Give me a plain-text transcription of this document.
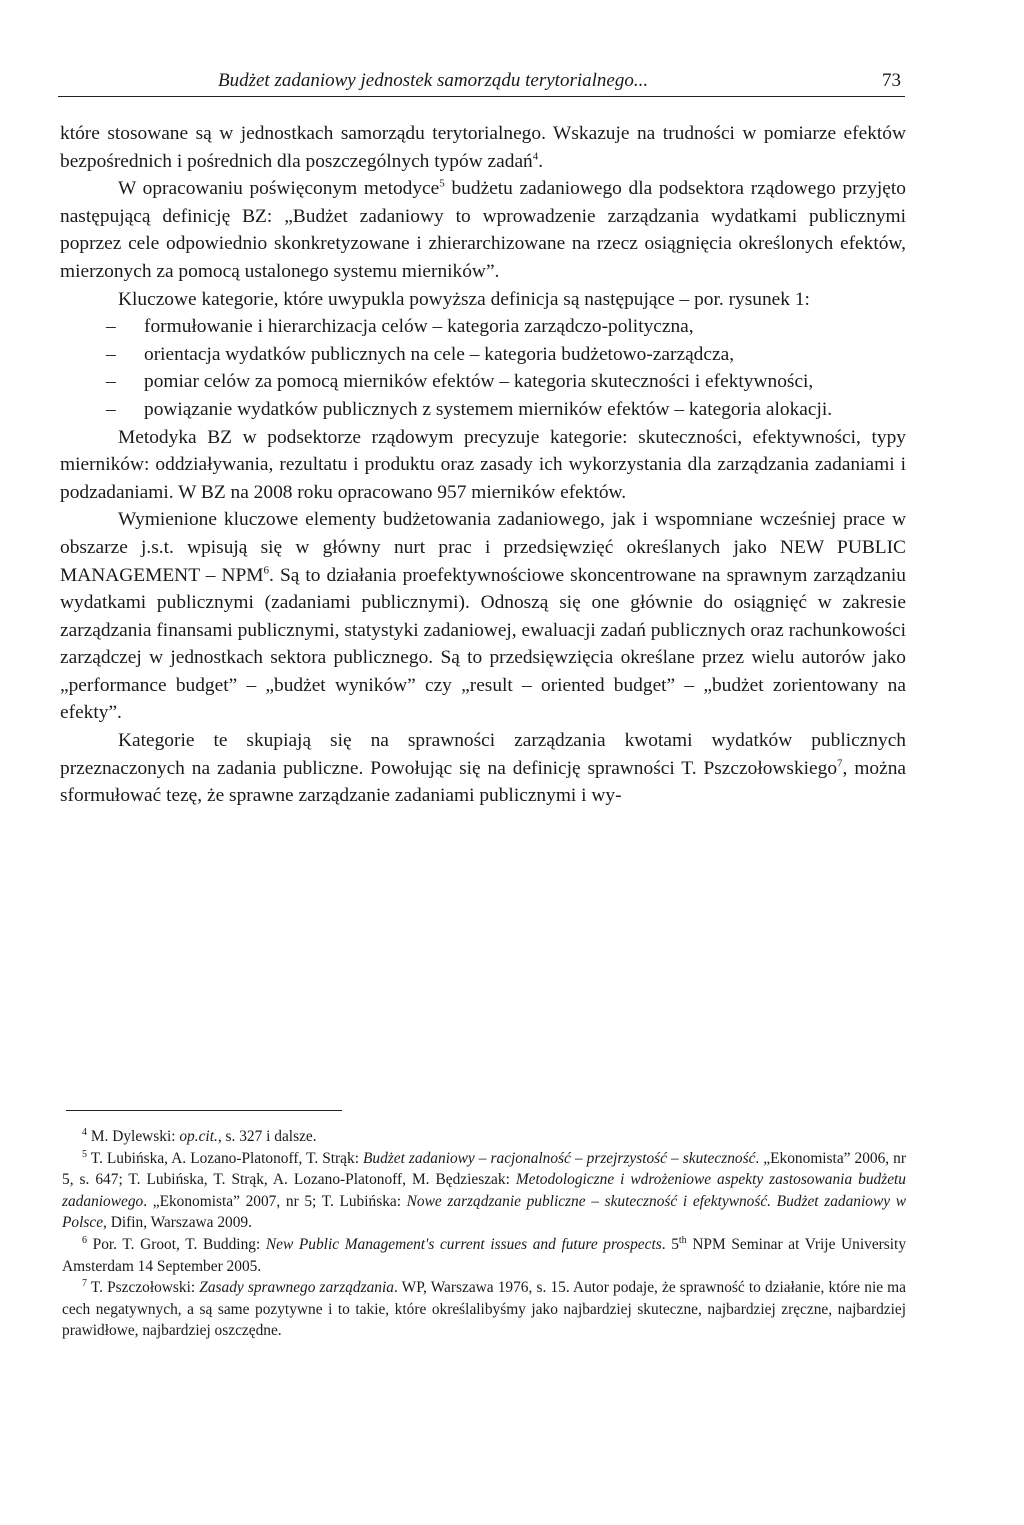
Budżet zadaniowy jednostek samorządu terytorialnego...	73

które stosowane są w jednostkach samorządu terytorialnego. Wskazuje na trudności w pomiarze efektów bezpośrednich i pośrednich dla poszczególnych typów zadań$^4$.

W opracowaniu poświęconym metodyce$^5$ budżetu zadaniowego dla podsektora rządowego przyjęto następującą definicję BZ: „Budżet zadaniowy to wprowadzenie zarządzania wydatkami publicznymi poprzez cele odpowiednio skonkretyzowane i zhierarchizowane na rzecz osiągnięcia określonych efektów, mierzonych za pomocą ustalonego systemu mierników”.

Kluczowe kategorie, które uwypukla powyższa definicja są następujące – por. rysunek 1:

– formułowanie i hierarchizacja celów – kategoria zarządczo-polityczna,

– orientacja wydatków publicznych na cele – kategoria budżetowo-zarządcza,

– pomiar celów za pomocą mierników efektów – kategoria skuteczności i efektywności,

– powiązanie wydatków publicznych z systemem mierników efektów – kategoria alokacji.

Metodyka BZ w podsektorze rządowym precyzuje kategorie: skuteczności, efektywności, typy mierników: oddziaływania, rezultatu i produktu oraz zasady ich wykorzystania dla zarządzania zadaniami i podzadaniami. W BZ na 2008 roku opracowano 957 mierników efektów.

Wymienione kluczowe elementy budżetowania zadaniowego, jak i wspomniane wcześniej prace w obszarze j.s.t. wpisują się w główny nurt prac i przedsięwzięć określanych jako NEW PUBLIC MANAGEMENT – NPM$^6$. Są to działania proefektywnościowe skoncentrowane na sprawnym zarządzaniu wydatkami publicznymi (zadaniami publicznymi). Odnoszą się one głównie do osiągnięć w zakresie zarządzania finansami publicznymi, statystyki zadaniowej, ewaluacji zadań publicznych oraz rachunkowości zarządczej w jednostkach sektora publicznego. Są to przedsięwzięcia określane przez wielu autorów jako „performance budget” – „budżet wyników” czy „result – oriented budget” – „budżet zorientowany na efekty”.

Kategorie te skupiają się na sprawności zarządzania kwotami wydatków publicznych przeznaczonych na zadania publiczne. Powołując się na definicję sprawności T. Pszczołowskiego$^7$, można sformułować tezę, że sprawne zarządzanie zadaniami publicznymi i wy-

$^4$ M. Dylewski: op.cit., s. 327 i dalsze.

$^5$ T. Lubińska, A. Lozano-Platonoff, T. Strąk: Budżet zadaniowy – racjonalność – przejrzystość – skuteczność. „Ekonomista” 2006, nr 5, s. 647; T. Lubińska, T. Strąk, A. Lozano-Platonoff, M. Będzieszak: Metodologiczne i wdrożeniowe aspekty zastosowania budżetu zadaniowego. „Ekonomista” 2007, nr 5; T. Lubińska: Nowe zarządzanie publiczne – skuteczność i efektywność. Budżet zadaniowy w Polsce, Difin, Warszawa 2009.

$^6$ Por. T. Groot, T. Budding: New Public Management's current issues and future prospects. 5th NPM Seminar at Vrije University Amsterdam 14 September 2005.

$^7$ T. Pszczołowski: Zasady sprawnego zarządzania. WP, Warszawa 1976, s. 15. Autor podaje, że sprawność to działanie, które nie ma cech negatywnych, a są same pozytywne i to takie, które określalibyśmy jako najbardziej skuteczne, najbardziej zręczne, najbardziej prawidłowe, najbardziej oszczędne.
